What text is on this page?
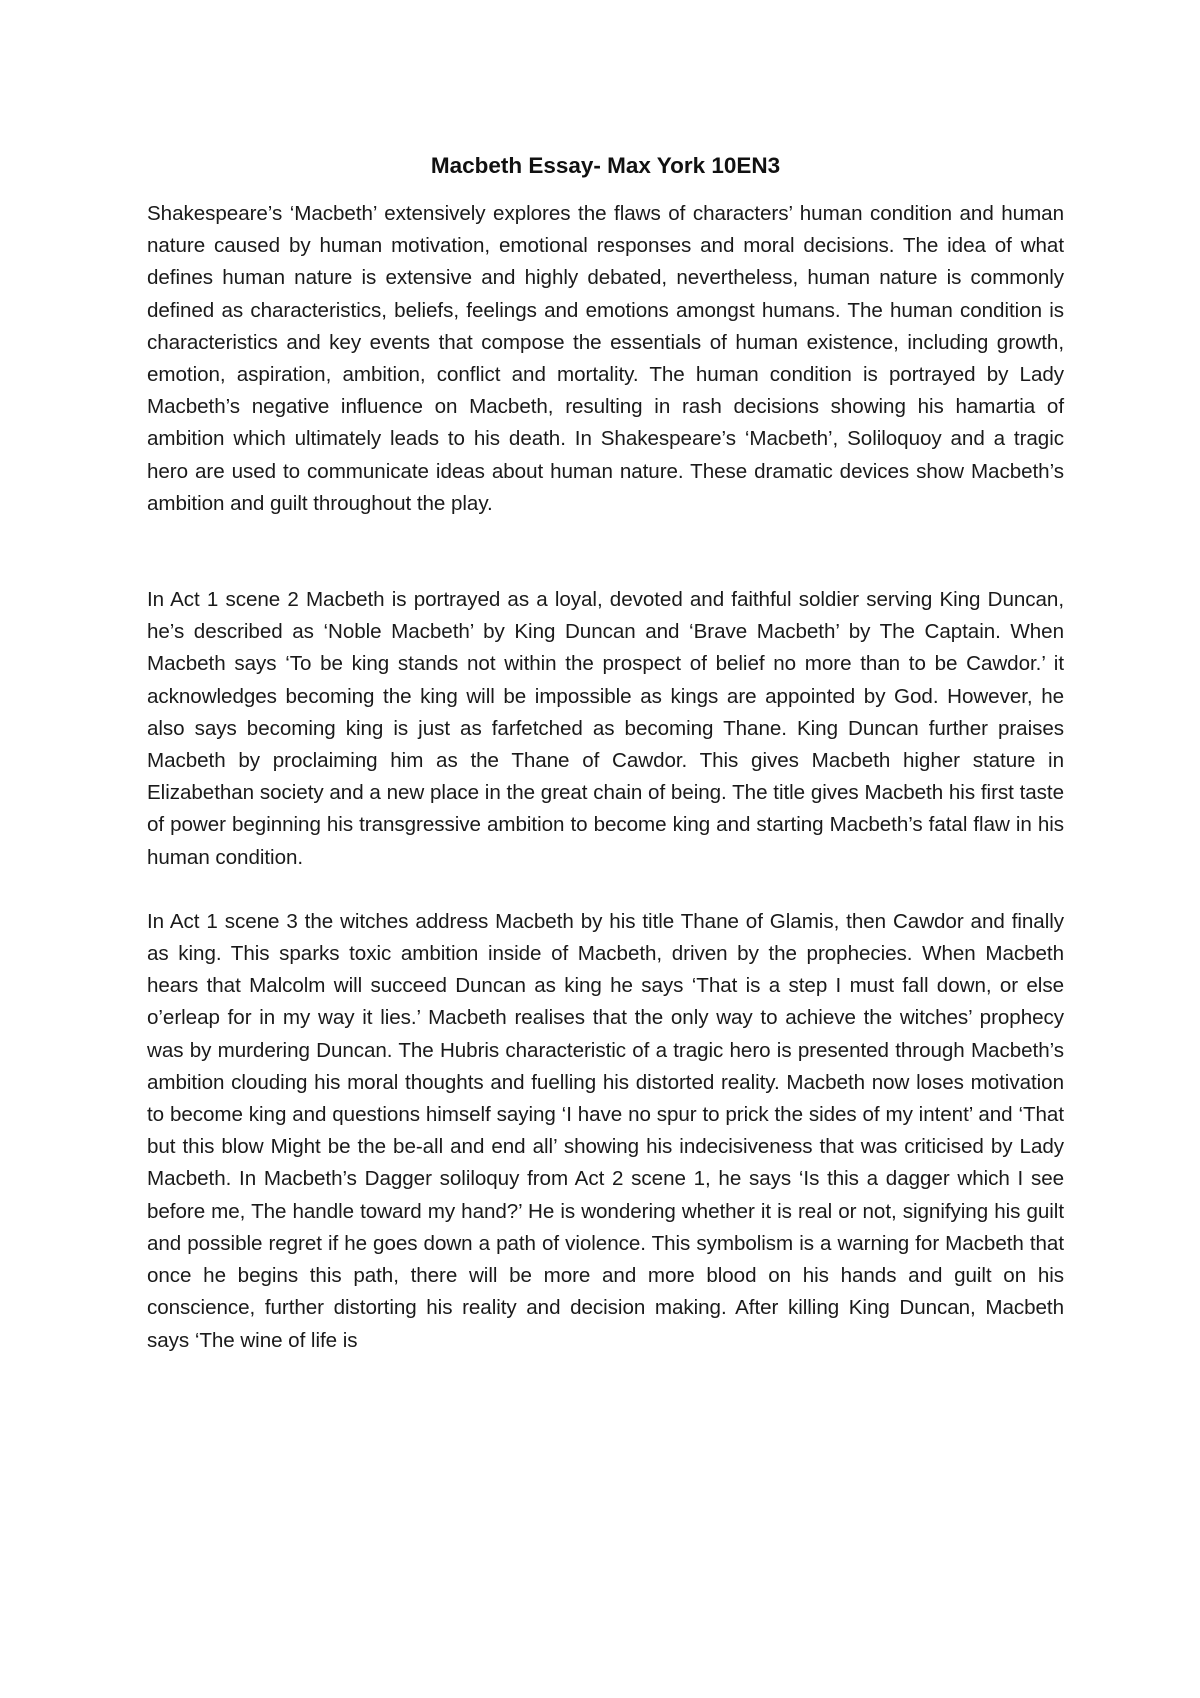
Macbeth Essay- Max York 10EN3

Shakespeare’s ‘Macbeth’ extensively explores the flaws of characters’ human condition and human nature caused by human motivation, emotional responses and moral decisions. The idea of what defines human nature is extensive and highly debated, nevertheless, human nature is commonly defined as characteristics, beliefs, feelings and emotions amongst humans. The human condition is characteristics and key events that compose the essentials of human existence, including growth, emotion, aspiration, ambition, conflict and mortality. The human condition is portrayed by Lady Macbeth’s negative influence on Macbeth, resulting in rash decisions showing his hamartia of ambition which ultimately leads to his death. In Shakespeare’s ‘Macbeth’, Soliloquoy and a tragic hero are used to communicate ideas about human nature. These dramatic devices show Macbeth’s ambition and guilt throughout the play.

In Act 1 scene 2 Macbeth is portrayed as a loyal, devoted and faithful soldier serving King Duncan, he’s described as ‘Noble Macbeth’ by King Duncan and ‘Brave Macbeth’ by The Captain. When Macbeth says ‘To be king stands not within the prospect of belief no more than to be Cawdor.’ it acknowledges becoming the king will be impossible as kings are appointed by God. However, he also says becoming king is just as farfetched as becoming Thane. King Duncan further praises Macbeth by proclaiming him as the Thane of Cawdor. This gives Macbeth higher stature in Elizabethan society and a new place in the great chain of being. The title gives Macbeth his first taste of power beginning his transgressive ambition to become king and starting Macbeth’s fatal flaw in his human condition.

In Act 1 scene 3 the witches address Macbeth by his title Thane of Glamis, then Cawdor and finally as king. This sparks toxic ambition inside of Macbeth, driven by the prophecies. When Macbeth hears that Malcolm will succeed Duncan as king he says ‘That is a step I must fall down, or else o’erleap for in my way it lies.’ Macbeth realises that the only way to achieve the witches’ prophecy was by murdering Duncan. The Hubris characteristic of a tragic hero is presented through Macbeth’s ambition clouding his moral thoughts and fuelling his distorted reality. Macbeth now loses motivation to become king and questions himself saying ‘I have no spur to prick the sides of my intent’ and ‘That but this blow Might be the be-all and end all’ showing his indecisiveness that was criticised by Lady Macbeth. In Macbeth’s Dagger soliloquy from Act 2 scene 1, he says ‘Is this a dagger which I see before me, The handle toward my hand?’ He is wondering whether it is real or not, signifying his guilt and possible regret if he goes down a path of violence. This symbolism is a warning for Macbeth that once he begins this path, there will be more and more blood on his hands and guilt on his conscience, further distorting his reality and decision making. After killing King Duncan, Macbeth says ‘The wine of life is
